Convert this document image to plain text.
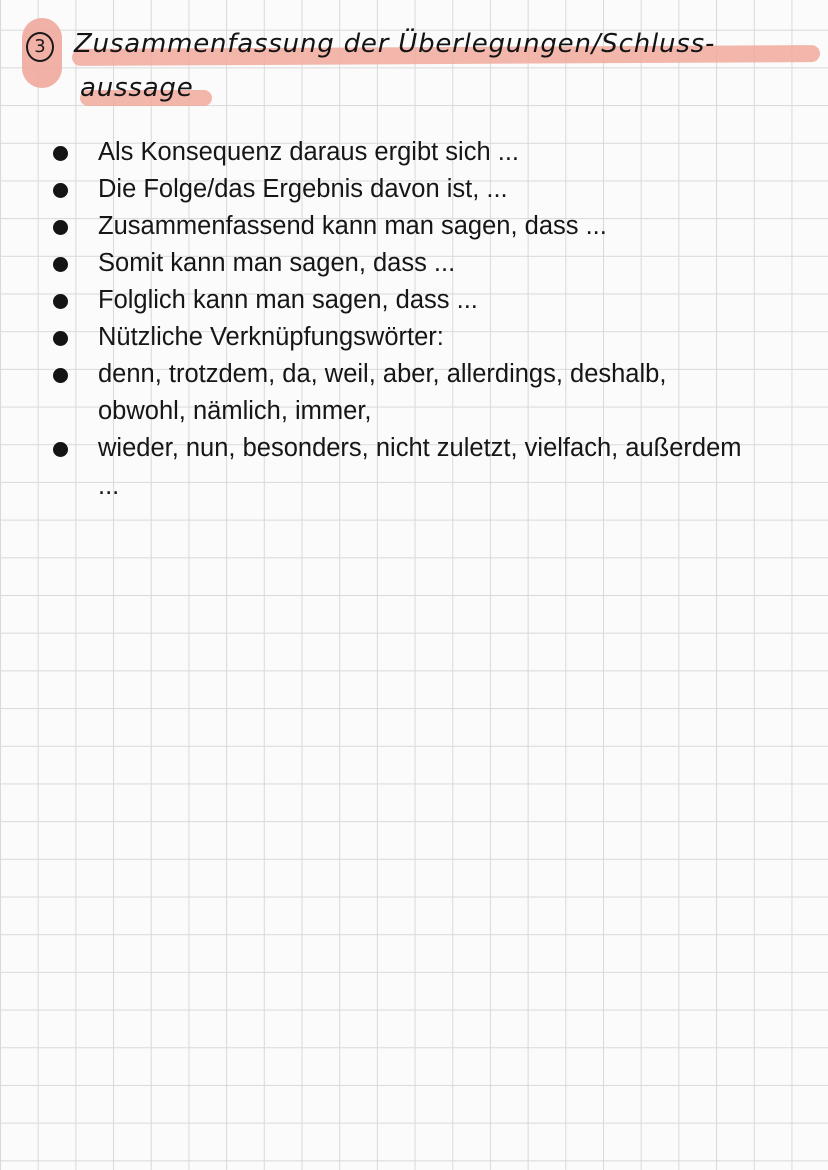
3	Zusammenfassung der Überlegungen/Schluss-
aussage
Als Konsequenz daraus ergibt sich ...
Die Folge/das Ergebnis davon ist, ...
Zusammenfassend kann man sagen, dass ...
Somit kann man sagen, dass ...
Folglich kann man sagen, dass ...
Nützliche Verknüpfungswörter:
denn, trotzdem, da, weil, aber, allerdings, deshalb,
obwohl, nämlich, immer,
wieder, nun, besonders, nicht zuletzt, vielfach, außerdem
...
